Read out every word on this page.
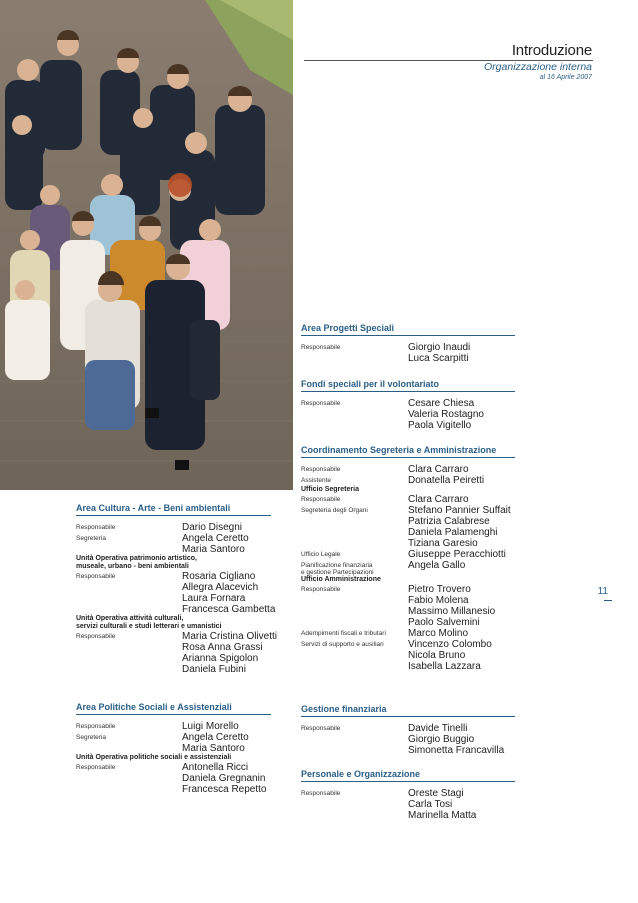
Introduzione
Organizzazione interna
al 16 Aprile 2007
11
Area Cultura - Arte - Beni ambientali
Responsabile	Dario Disegni
Segreteria	Angela Ceretto
Maria Santoro
Unità Operativa patrimonio artistico,
museale, urbano - beni ambientali
Responsabile	Rosaria Cigliano
Allegra Alacevich
Laura Fornara
Francesca Gambetta
Unità Operativa attività culturali,
servizi culturali e studi letterari e umanistici
Responsabile	Maria Cristina Olivetti
Rosa Anna Grassi
Arianna Spigolon
Daniela Fubini
Area Politiche Sociali e Assistenziali
Responsabile	Luigi Morello
Segreteria	Angela Ceretto
Maria Santoro
Unità Operativa politiche sociali e assistenziali
Responsabile	Antonella Ricci
Daniela Gregnanin
Francesca Repetto
Area Progetti Speciali
Responsabile	Giorgio Inaudi
Luca Scarpitti
Fondi speciali per il volontariato
Responsabile	Cesare Chiesa
Valeria Rostagno
Paola Vigitello
Coordinamento Segreteria e Amministrazione
Responsabile	Clara Carraro
Assistente	Donatella Peiretti
Ufficio Segreteria
Responsabile	Clara Carraro
Segreteria degli Organi	Stefano Pannier Suffait
Patrizia Calabrese
Daniela Palamenghi
Tiziana Garesio
Ufficio Legale	Giuseppe Peracchiotti
Pianificazione finanziaria
e gestione Partecipazioni
Angela Gallo
Ufficio Amministrazione
Responsabile	Pietro Trovero
Fabio Molena
Massimo Millanesio
Paolo Salvemini
Adempimenti fiscali e tributari	Marco Molino
Servizi di supporto e ausiliari	Vincenzo Colombo
Nicola Bruno
Isabella Lazzara
Gestione finanziaria
Responsabile	Davide Tinelli
Giorgio Buggio
Simonetta Francavilla
Personale e Organizzazione
Responsabile	Oreste Stagi
Carla Tosi
Marinella Matta
